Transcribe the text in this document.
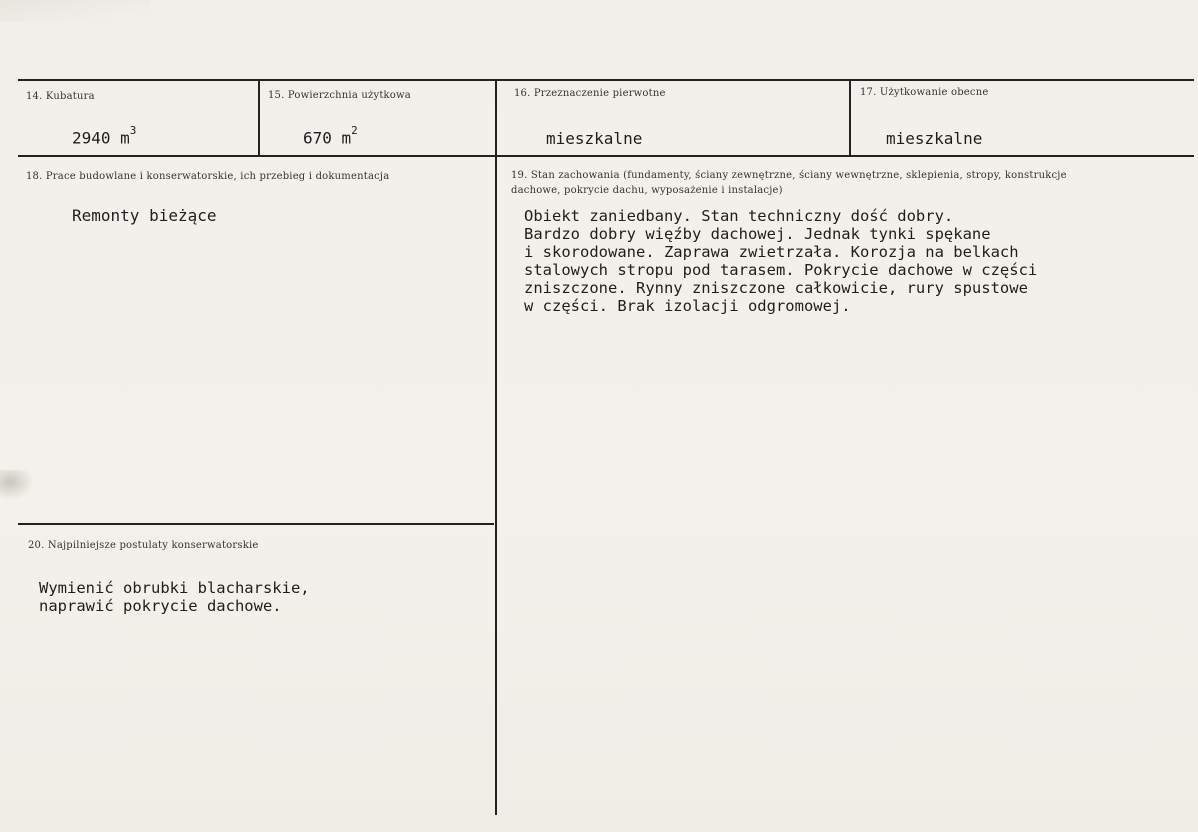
14. Kubatura
2940 $m^3$
15. Powierzchnia użytkowa
670 $m^2$
16. Przeznaczenie pierwotne
mieszkalne
17. Użytkowanie obecne
mieszkalne
18. Prace budowlane i konserwatorskie, ich przebieg i dokumentacja
Remonty bieżące
19. Stan zachowania (fundamenty, ściany zewnętrzne, ściany wewnętrzne, sklepienia, stropy, konstrukcje dachowe, pokrycie dachu, wyposażenie i instalacje)
Obiekt zaniedbany. Stan techniczny dość dobry.
Bardzo dobry więźby dachowej. Jednak tynki spękane
i skorodowane. Zaprawa zwietrzała. Korozja na belkach
stalowych stropu pod tarasem. Pokrycie dachowe w części
zniszczone. Rynny zniszczone całkowicie, rury spustowe
w części. Brak izolacji odgromowej.
20. Najpilniejsze postulaty konserwatorskie
Wymienić obrubki blacharskie,
naprawić pokrycie dachowe.
